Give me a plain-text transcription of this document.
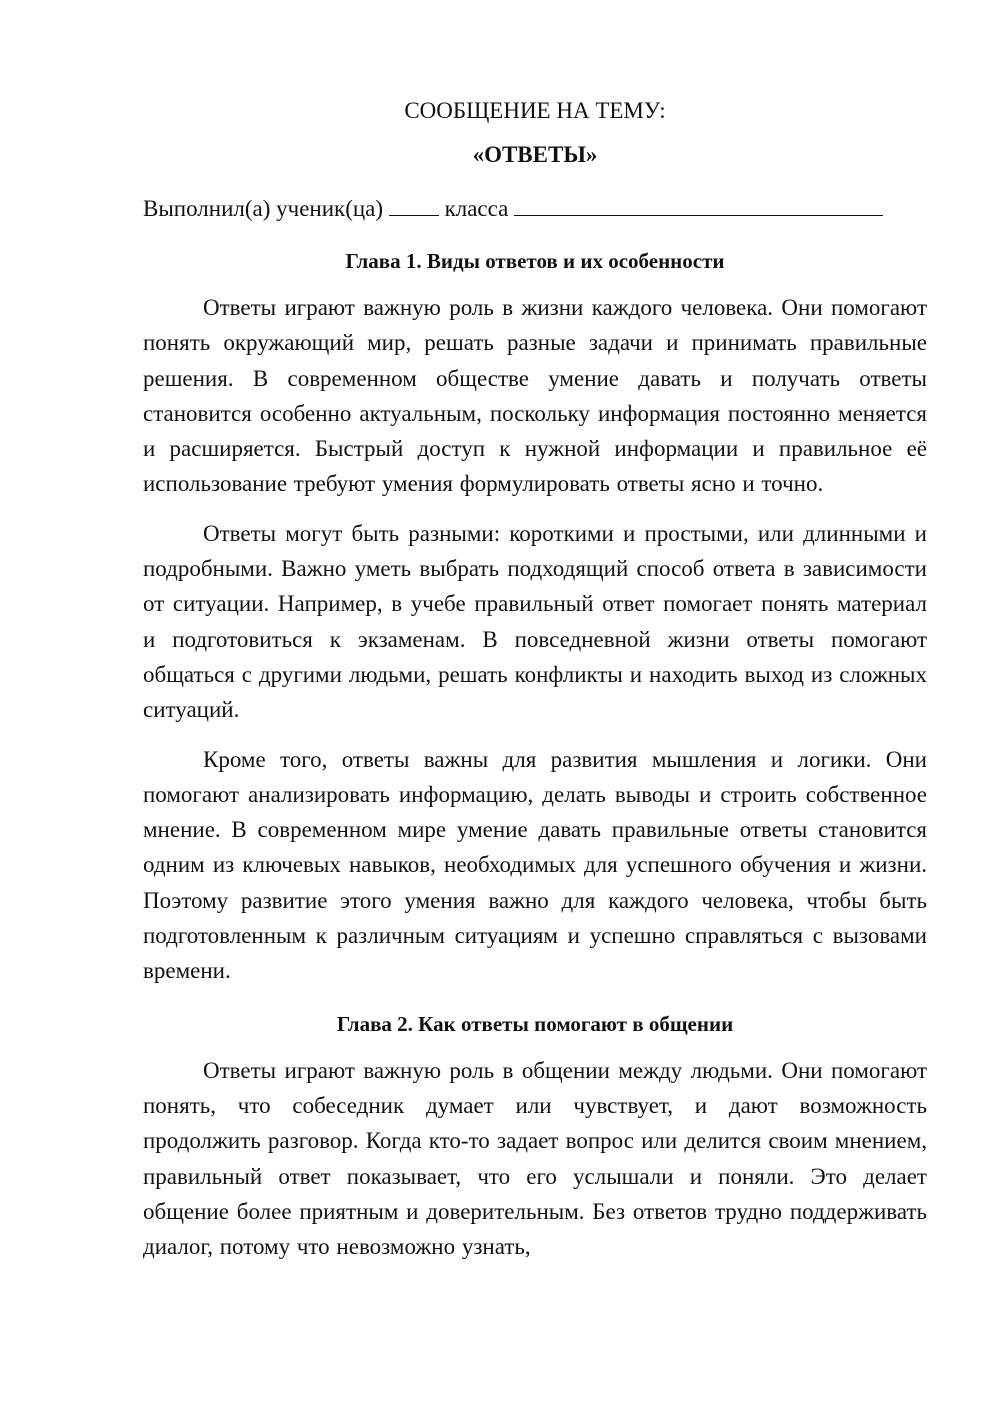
СООБЩЕНИЕ НА ТЕМУ:
«ОТВЕТЫ»
Выполнил(а) ученик(ца)	класса
Глава 1. Виды ответов и их особенности

Ответы играют важную роль в жизни каждого человека. Они помогают понять окружающий мир, решать разные задачи и принимать правильные решения. В современном обществе умение давать и получать ответы становится особенно актуальным, поскольку информация постоянно меняется и расширяется. Быстрый доступ к нужной информации и правильное её использование требуют умения формулировать ответы ясно и точно.

Ответы могут быть разными: короткими и простыми, или длинными и подробными. Важно уметь выбрать подходящий способ ответа в зависимости от ситуации. Например, в учебе правильный ответ помогает понять материал и подготовиться к экзаменам. В повседневной жизни ответы помогают общаться с другими людьми, решать конфликты и находить выход из сложных ситуаций.

Кроме того, ответы важны для развития мышления и логики. Они помогают анализировать информацию, делать выводы и строить собственное мнение. В современном мире умение давать правильные ответы становится одним из ключевых навыков, необходимых для успешного обучения и жизни. Поэтому развитие этого умения важно для каждого человека, чтобы быть подготовленным к различным ситуациям и успешно справляться с вызовами времени.

Глава 2. Как ответы помогают в общении

Ответы играют важную роль в общении между людьми. Они помогают понять, что собеседник думает или чувствует, и дают возможность продолжить разговор. Когда кто-то задает вопрос или делится своим мнением, правильный ответ показывает, что его услышали и поняли. Это делает общение более приятным и доверительным. Без ответов трудно поддерживать диалог, потому что невозможно узнать,
